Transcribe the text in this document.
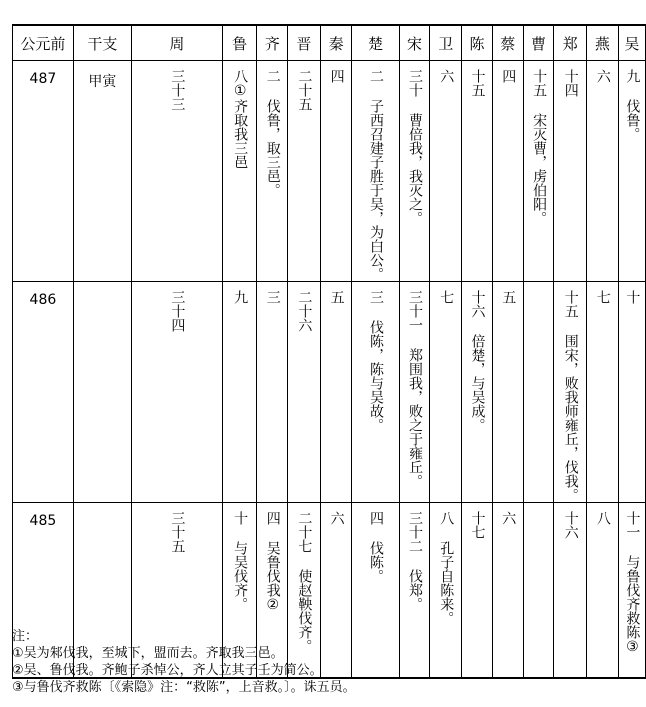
公元前	干支	周	鲁	齐	晋	秦	楚	宋	卫	陈	蔡	曹	郑	燕	吴
487	甲寅	三十三	八①齐取我三邑	二 伐鲁，取三邑。	二十五	四	二 子西召建子胜于吴，为白公。	三十 曹倍我，我灭之。	六	十五	四	十五 宋灭曹，虏伯阳。	十四	六	九 伐鲁。

486		三十四	九	三	二十六	五	三 伐陈，陈与吴故。	三十一 郑围我，败之于雍丘。	七	十六 倍楚，与吴成。	五		十五 围宋，败我师雍丘，伐我。	七	十

485		三十五	十 与吴伐齐。	四 吴鲁伐我②	二十七 使赵鞅伐齐。	六	四 伐陈。	三十二 伐郑。	八 孔子自陈来。	十七	六		十六	八	十一 与鲁伐齐救陈③
注：
①吴为邾伐我，至城下，盟而去。齐取我三邑。
②吴、鲁伐我。齐鲍子杀悼公，齐人立其子壬为简公。
③与鲁伐齐救陈〔《索隐》注：“救陈”，上音救。〕。诛五员。
